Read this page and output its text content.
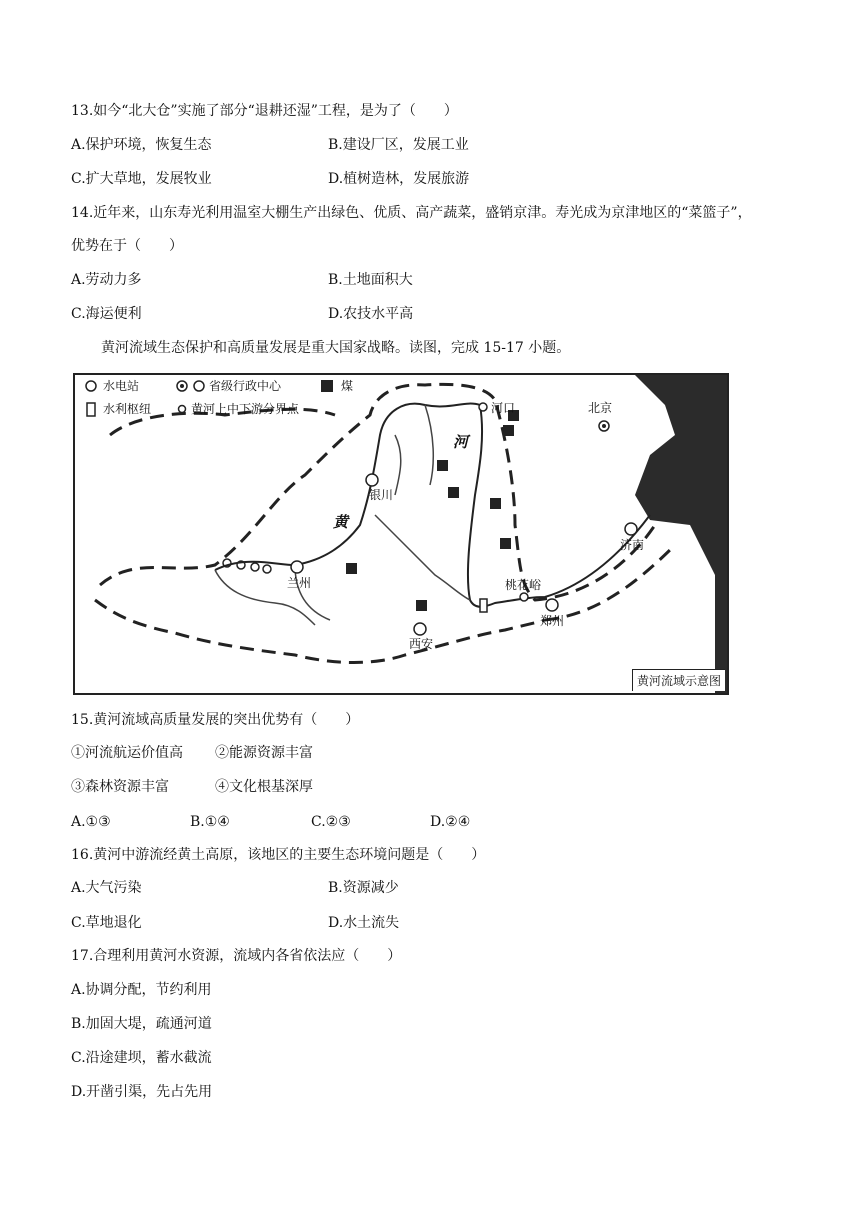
13.如今“北大仓”实施了部分“退耕还湿”工程，是为了（　　）
A.保护环境，恢复生态	B.建设厂区，发展工业
C.扩大草地，发展牧业	D.植树造林，发展旅游
14.近年来，山东寿光利用温室大棚生产出绿色、优质、高产蔬菜，盛销京津。寿光成为京津地区的“菜篮子”，
优势在于（　　）
A.劳动力多	B.土地面积大
C.海运便利	D.农技水平高
黄河流域生态保护和高质量发展是重大国家战略。读图，完成 15-17 小题。
水电站	省级行政中心	煤
水利枢纽	黄河上中下游分界点	河口	北京
银川
兰州
西安
桃花峪
郑州
济南
河
黄
黄河流域示意图
15.黄河流域高质量发展的突出优势有（　　）
①河流航运价值高 ②能源资源丰富
③森林资源丰富	④文化根基深厚
A.①③	B.①④	C.②③	D.②④
16.黄河中游流经黄土高原，该地区的主要生态环境问题是（　　）
A.大气污染	B.资源减少
C.草地退化	D.水土流失
17.合理利用黄河水资源，流域内各省依法应（　　）
A.协调分配，节约利用
B.加固大堤，疏通河道
C.沿途建坝，蓄水截流
D.开凿引渠，先占先用
